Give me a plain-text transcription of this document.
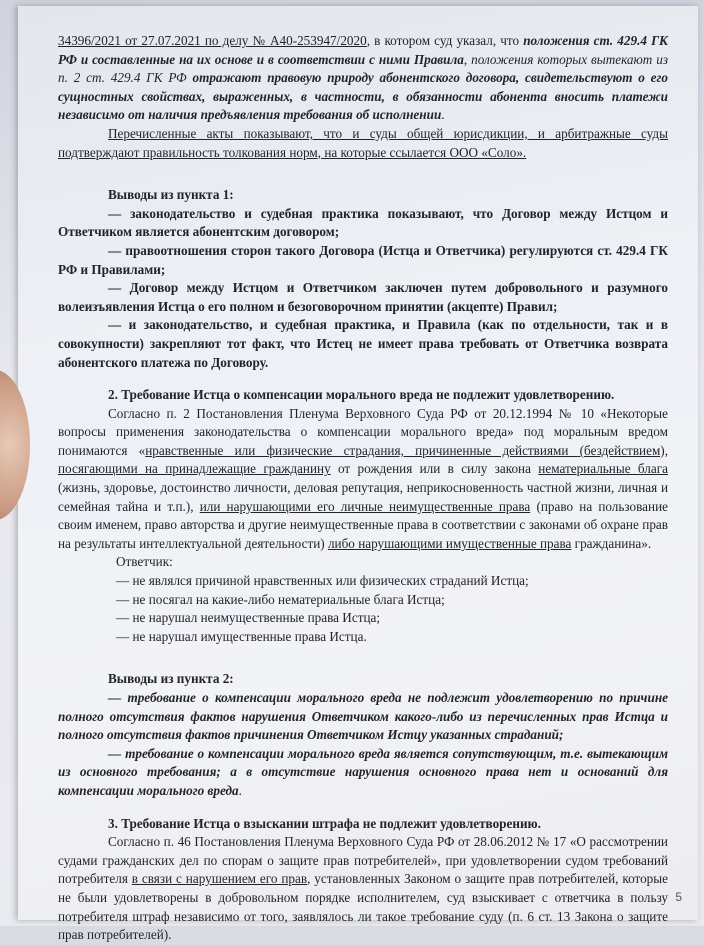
34396/2021 от 27.07.2021 по делу № А40-253947/2020, в котором суд указал, что положения ст. 429.4 ГК РФ и составленные на их основе и в соответствии с ними Правила, положения которых вытекают из п. 2 ст. 429.4 ГК РФ отражают правовую природу абонентского договора, свидетельствуют о его сущностных свойствах, выраженных, в частности, в обязанности абонента вносить платежи независимо от наличия предъявления требования об исполнении.

Перечисленные акты показывают, что и суды общей юрисдикции, и арбитражные суды подтверждают правильность толкования норм, на которые ссылается ООО «Соло».

Выводы из пункта 1:

— законодательство и судебная практика показывают, что Договор между Истцом и Ответчиком является абонентским договором;

— правоотношения сторон такого Договора (Истца и Ответчика) регулируются ст. 429.4 ГК РФ и Правилами;

— Договор между Истцом и Ответчиком заключен путем добровольного и разумного волеизъявления Истца о его полном и безоговорочном принятии (акцепте) Правил;

— и законодательство, и судебная практика, и Правила (как по отдельности, так и в совокупности) закрепляют тот факт, что Истец не имеет права требовать от Ответчика возврата абонентского платежа по Договору.

2. Требование Истца о компенсации морального вреда не подлежит удовлетворению.

Согласно п. 2 Постановления Пленума Верховного Суда РФ от 20.12.1994 № 10 «Некоторые вопросы применения законодательства о компенсации морального вреда» под моральным вредом понимаются «нравственные или физические страдания, причиненные действиями (бездействием), посягающими на принадлежащие гражданину от рождения или в силу закона нематериальные блага (жизнь, здоровье, достоинство личности, деловая репутация, неприкосновенность частной жизни, личная и семейная тайна и т.п.), или нарушающими его личные неимущественные права (право на пользование своим именем, право авторства и другие неимущественные права в соответствии с законами об охране прав на результаты интеллектуальной деятельности) либо нарушающими имущественные права гражданина».

Ответчик:

— не являлся причиной нравственных или физических страданий Истца;

— не посягал на какие-либо нематериальные блага Истца;

— не нарушал неимущественные права Истца;

— не нарушал имущественные права Истца.

Выводы из пункта 2:

— требование о компенсации морального вреда не подлежит удовлетворению по причине полного отсутствия фактов нарушения Ответчиком какого-либо из перечисленных прав Истца и полного отсутствия фактов причинения Ответчиком Истцу указанных страданий;

— требование о компенсации морального вреда является сопутствующим, т.е. вытекающим из основного требования; а в отсутствие нарушения основного права нет и оснований для компенсации морального вреда.

3. Требование Истца о взыскании штрафа не подлежит удовлетворению.

Согласно п. 46 Постановления Пленума Верховного Суда РФ от 28.06.2012 № 17 «О рассмотрении судами гражданских дел по спорам о защите прав потребителей», при удовлетворении судом требований потребителя в связи с нарушением его прав, установленных Законом о защите прав потребителей, которые не были удовлетворены в добровольном порядке исполнителем, суд взыскивает с ответчика в пользу потребителя штраф независимо от того, заявлялось ли такое требование суду (п. 6 ст. 13 Закона о защите прав потребителей).

5
